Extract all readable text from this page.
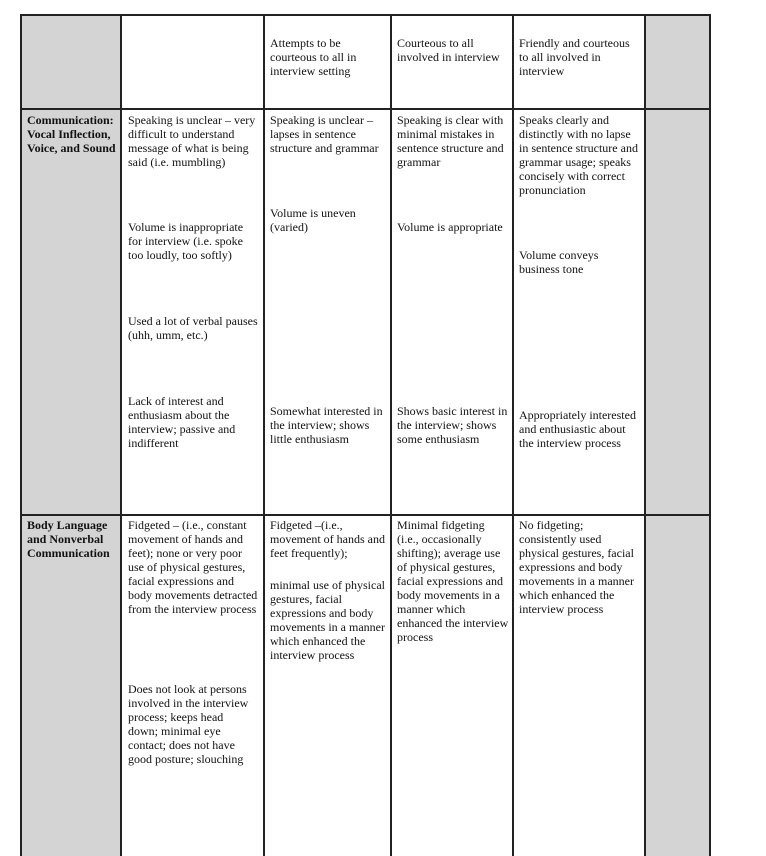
Attempts to be courteous to all in interview setting

Courteous to all involved in interview

Friendly and courteous to all involved in interview

Communication: Vocal Inflection, Voice, and Sound

Speaking is unclear – very difficult to understand message of what is being said (i.e. mumbling)

Volume is inappropriate for interview (i.e. spoke too loudly, too softly)

Used a lot of verbal pauses (uhh, umm, etc.)

Lack of interest and enthusiasm about the interview; passive and indifferent

Speaking is unclear – lapses in sentence structure and grammar

Volume is uneven (varied)

Somewhat interested in the interview; shows little enthusiasm

Speaking is clear with minimal mistakes in sentence structure and grammar

Volume is appropriate

Shows basic interest in the interview; shows some enthusiasm

Speaks clearly and distinctly with no lapse in sentence structure and grammar usage; speaks concisely with correct pronunciation

Volume conveys business tone

Appropriately interested and enthusiastic about the interview process

Body Language and Nonverbal Communication

Fidgeted – (i.e., constant movement of hands and feet); none or very poor use of physical gestures, facial expressions and body movements detracted from the interview process

Does not look at persons involved in the interview process; keeps head down; minimal eye contact; does not have good posture; slouching

Fidgeted –(i.e., movement of hands and feet frequently);

minimal use of physical gestures, facial expressions and body movements in a manner which enhanced the interview process

Minimal fidgeting (i.e., occasionally shifting); average use of physical gestures, facial expressions and body movements in a manner which enhanced the interview process

No fidgeting; consistently used physical gestures, facial expressions and body movements in a manner which enhanced the interview process
